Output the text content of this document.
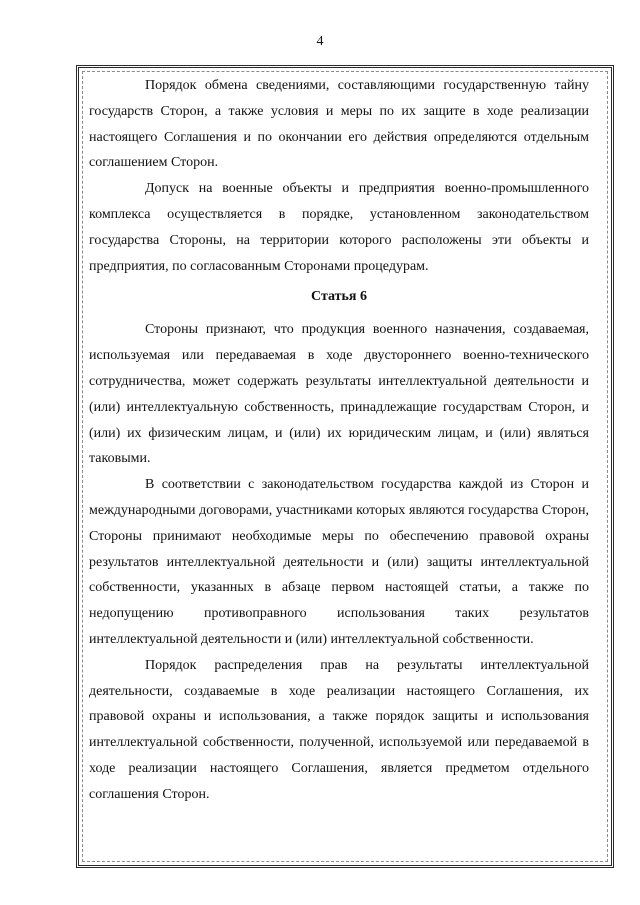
4

Порядок обмена сведениями, составляющими государственную тайну государств Сторон, а также условия и меры по их защите в ходе реализации настоящего Соглашения и по окончании его действия определяются отдельным соглашением Сторон.

Допуск на военные объекты и предприятия военно-промышленного комплекса осуществляется в порядке, установленном законодательством государства Стороны, на территории которого расположены эти объекты и предприятия, по согласованным Сторонами процедурам.

Статья 6

Стороны признают, что продукция военного назначения, создаваемая, используемая или передаваемая в ходе двустороннего военно-технического сотрудничества, может содержать результаты интеллектуальной деятельности и (или) интеллектуальную собственность, принадлежащие государствам Сторон, и (или) их физическим лицам, и (или) их юридическим лицам, и (или) являться таковыми.

В соответствии с законодательством государства каждой из Сторон и международными договорами, участниками которых являются государства Сторон, Стороны принимают необходимые меры по обеспечению правовой охраны результатов интеллектуальной деятельности и (или) защиты интеллектуальной собственности, указанных в абзаце первом настоящей статьи, а также по недопущению противоправного использования таких результатов интеллектуальной деятельности и (или) интеллектуальной собственности.

Порядок распределения прав на результаты интеллектуальной деятельности, создаваемые в ходе реализации настоящего Соглашения, их правовой охраны и использования, а также порядок защиты и использования интеллектуальной собственности, полученной, используемой или передаваемой в ходе реализации настоящего Соглашения, является предметом отдельного соглашения Сторон.
